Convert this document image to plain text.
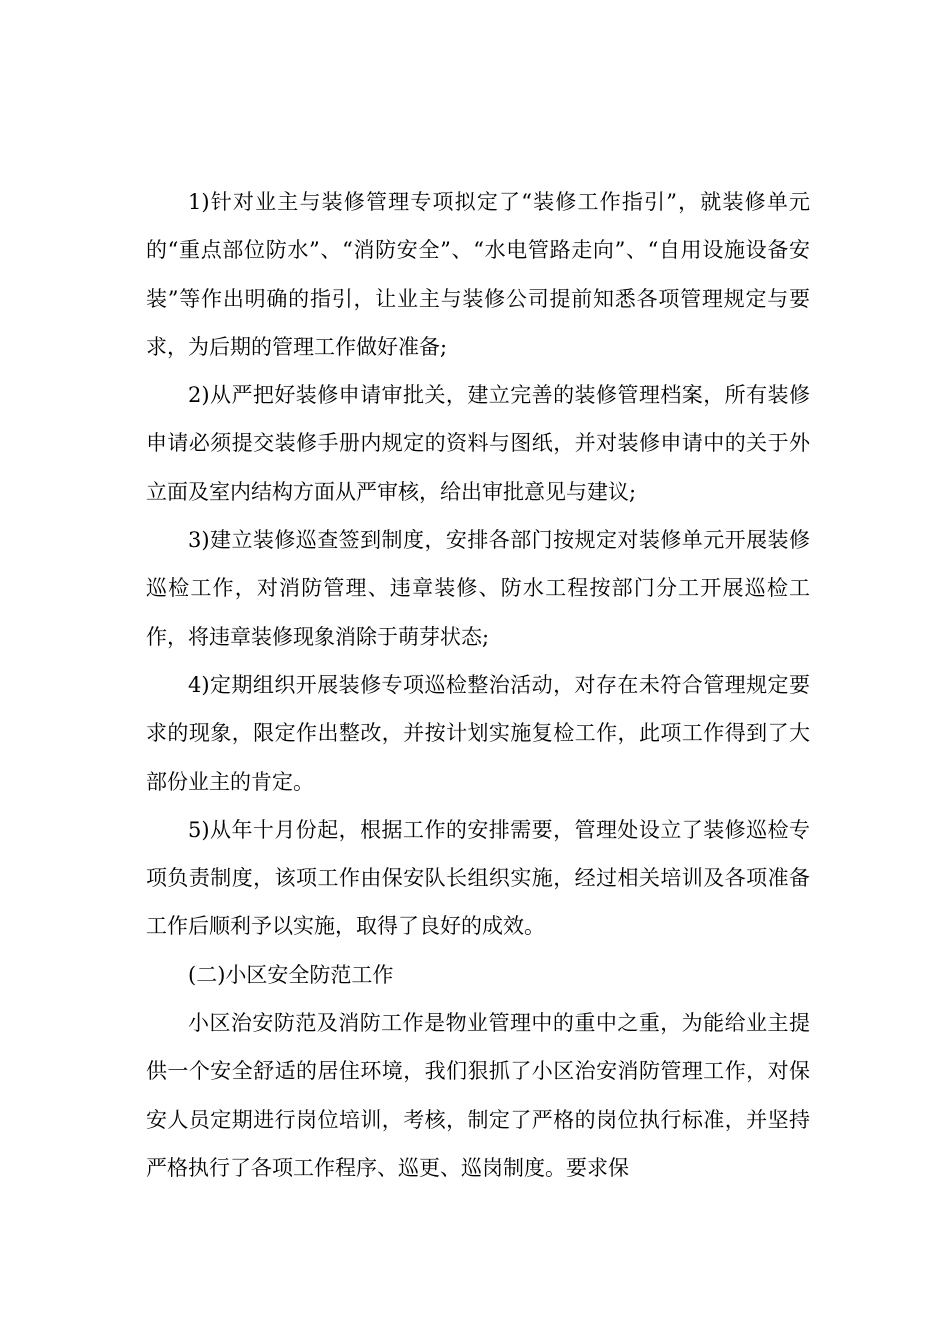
1)针对业主与装修管理专项拟定了“装修工作指引”，就装修单元的“重点部位防水”、“消防安全”、“水电管路走向”、“自用设施设备安装”等作出明确的指引，让业主与装修公司提前知悉各项管理规定与要求，为后期的管理工作做好准备;

2)从严把好装修申请审批关，建立完善的装修管理档案，所有装修申请必须提交装修手册内规定的资料与图纸，并对装修申请中的关于外立面及室内结构方面从严审核，给出审批意见与建议;

3)建立装修巡查签到制度，安排各部门按规定对装修单元开展装修巡检工作，对消防管理、违章装修、防水工程按部门分工开展巡检工作，将违章装修现象消除于萌芽状态;

4)定期组织开展装修专项巡检整治活动，对存在未符合管理规定要求的现象，限定作出整改，并按计划实施复检工作，此项工作得到了大部份业主的肯定。

5)从年十月份起，根据工作的安排需要，管理处设立了装修巡检专项负责制度，该项工作由保安队长组织实施，经过相关培训及各项准备工作后顺利予以实施，取得了良好的成效。

(二)小区安全防范工作

小区治安防范及消防工作是物业管理中的重中之重，为能给业主提供一个安全舒适的居住环境，我们狠抓了小区治安消防管理工作，对保安人员定期进行岗位培训，考核，制定了严格的岗位执行标准，并坚持严格执行了各项工作程序、巡更、巡岗制度。要求保
